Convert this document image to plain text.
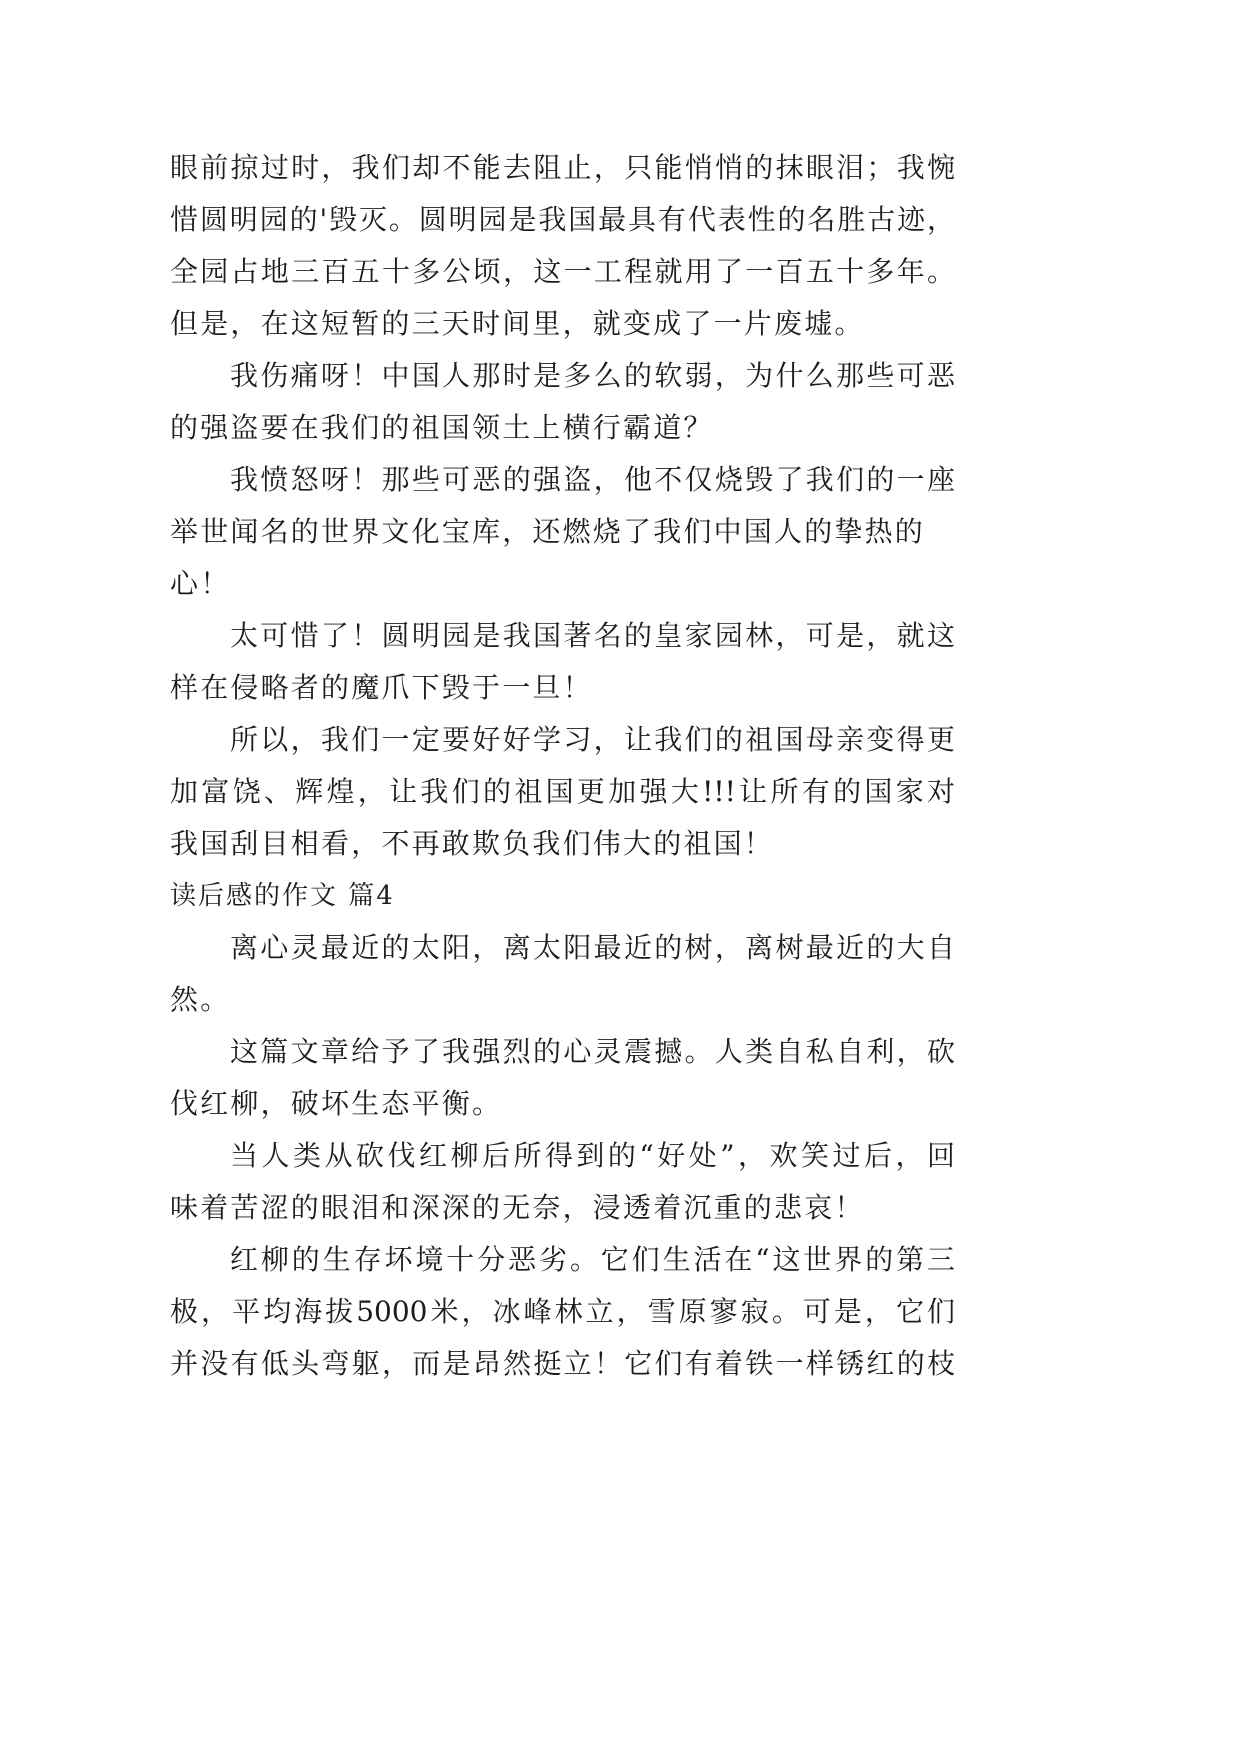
眼前掠过时，我们却不能去阻止，只能悄悄的抹眼泪；我惋
惜圆明园的'毁灭。圆明园是我国最具有代表性的名胜古迹，
全园占地三百五十多公顷，这一工程就用了一百五十多年。
但是，在这短暂的三天时间里，就变成了一片废墟。
我伤痛呀！中国人那时是多么的软弱，为什么那些可恶
的强盗要在我们的祖国领土上横行霸道？
我愤怒呀！那些可恶的强盗，他不仅烧毁了我们的一座
举世闻名的世界文化宝库，还燃烧了我们中国人的挚热的
心！
太可惜了！圆明园是我国著名的皇家园林，可是，就这
样在侵略者的魔爪下毁于一旦！
所以，我们一定要好好学习，让我们的祖国母亲变得更
加富饶、辉煌，让我们的祖国更加强大!!!让所有的国家对
我国刮目相看，不再敢欺负我们伟大的祖国！
读后感的作文 篇4
离心灵最近的太阳，离太阳最近的树，离树最近的大自
然。
这篇文章给予了我强烈的心灵震撼。人类自私自利，砍
伐红柳，破坏生态平衡。
当人类从砍伐红柳后所得到的“好处”，欢笑过后，回
味着苦涩的眼泪和深深的无奈，浸透着沉重的悲哀！
红柳的生存坏境十分恶劣。它们生活在“这世界的第三
极，平均海拔5000米，冰峰林立，雪原寥寂。可是，它们
并没有低头弯躯，而是昂然挺立！它们有着铁一样锈红的枝
